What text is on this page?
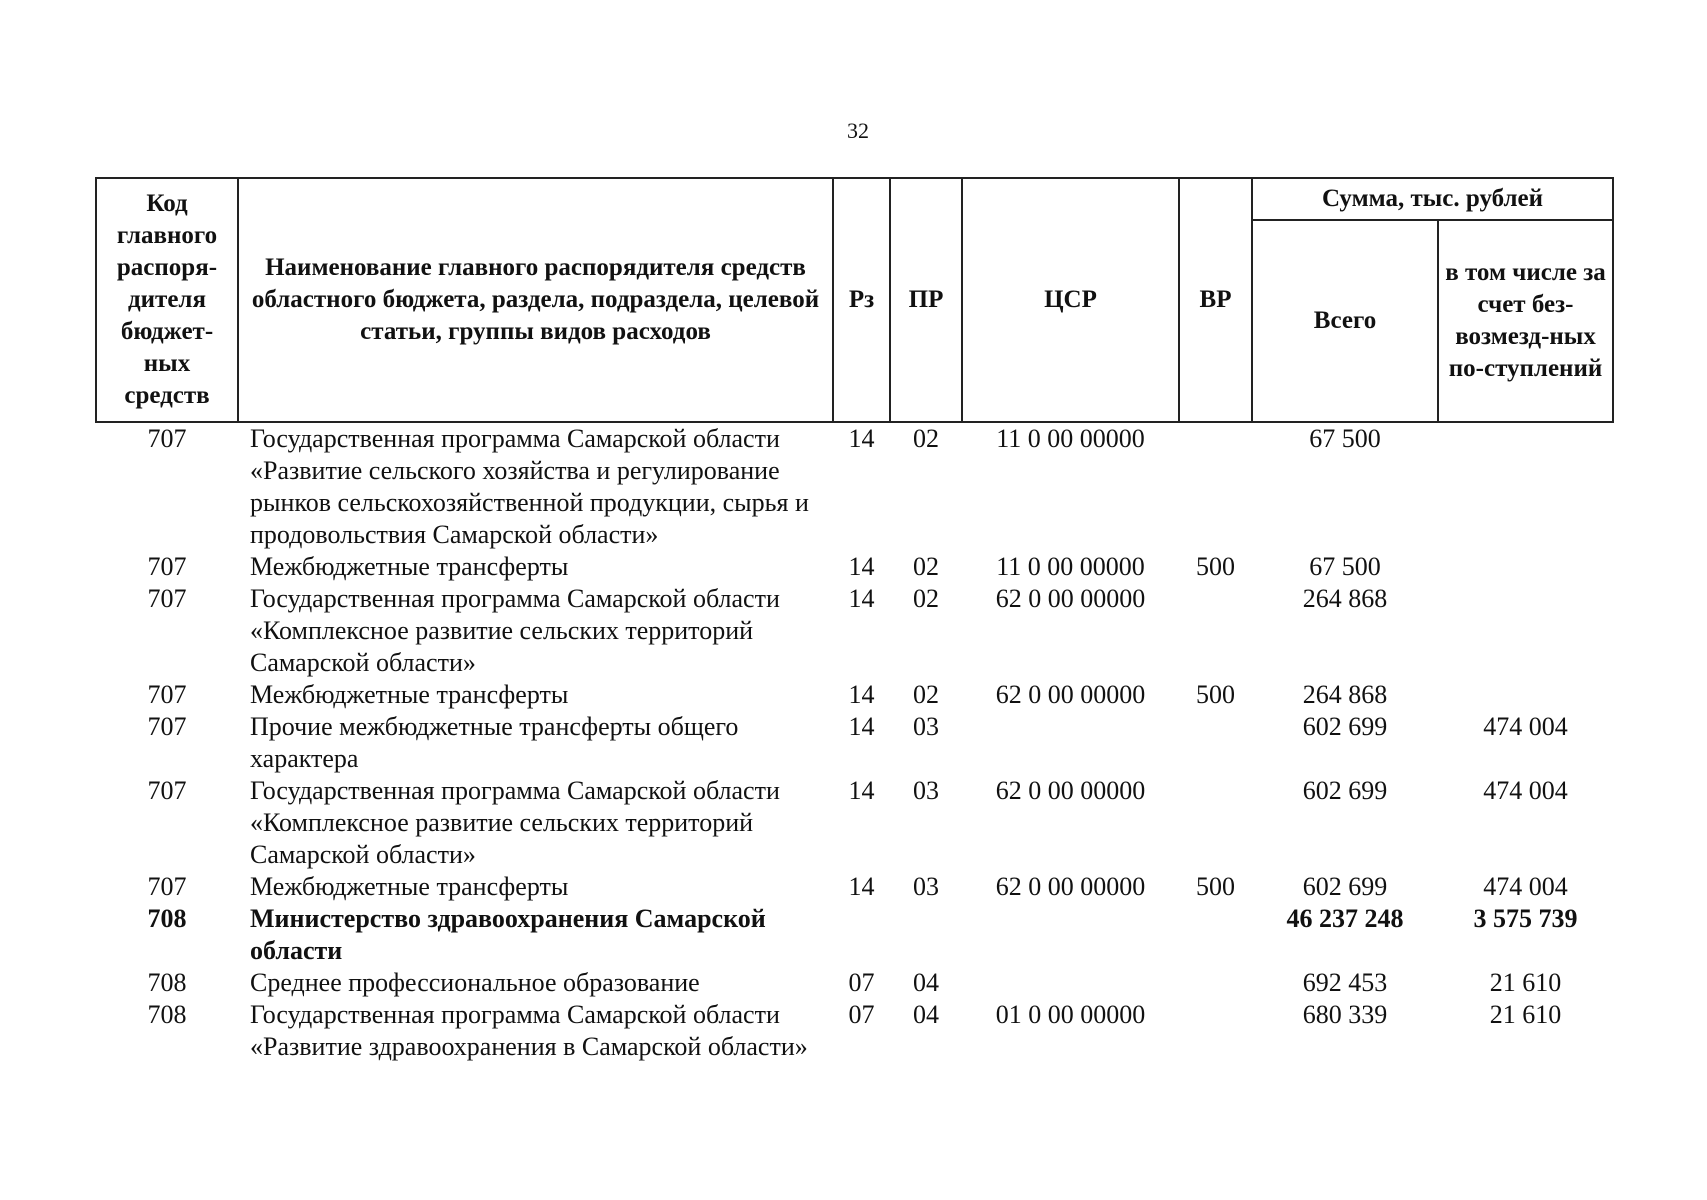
32
Код главного распоря-дителя бюджет-ных средств	Наименование главного распорядителя средств областного бюджета, раздела, подраздела, целевой статьи, группы видов расходов	Рз	ПР	ЦСР	ВР	Сумма, тыс. рублей	
						Всего	в том числе за счет без-возмезд-ных по-ступлений
707	Государственная программа Самарской области «Развитие сельского хозяйства и регулирование рынков сельскохозяйственной продукции, сырья и продовольствия Самарской области»	14	02	11 0 00 00000		67 500	
707	Межбюджетные трансферты	14	02	11 0 00 00000	500	67 500	
707	Государственная программа Самарской области «Комплексное развитие сельских территорий Самарской области»	14	02	62 0 00 00000		264 868	
707	Межбюджетные трансферты	14	02	62 0 00 00000	500	264 868	
707	Прочие межбюджетные трансферты общего характера	14	03			602 699	474 004
707	Государственная программа Самарской области «Комплексное развитие сельских территорий Самарской области»	14	03	62 0 00 00000		602 699	474 004
707	Межбюджетные трансферты	14	03	62 0 00 00000	500	602 699	474 004
708	Министерство здравоохранения Самарской области					46 237 248	3 575 739
708	Среднее профессиональное образование	07	04			692 453	21 610
708	Государственная программа Самарской области «Развитие здравоохранения в Самарской области»	07	04	01 0 00 00000		680 339	21 610
